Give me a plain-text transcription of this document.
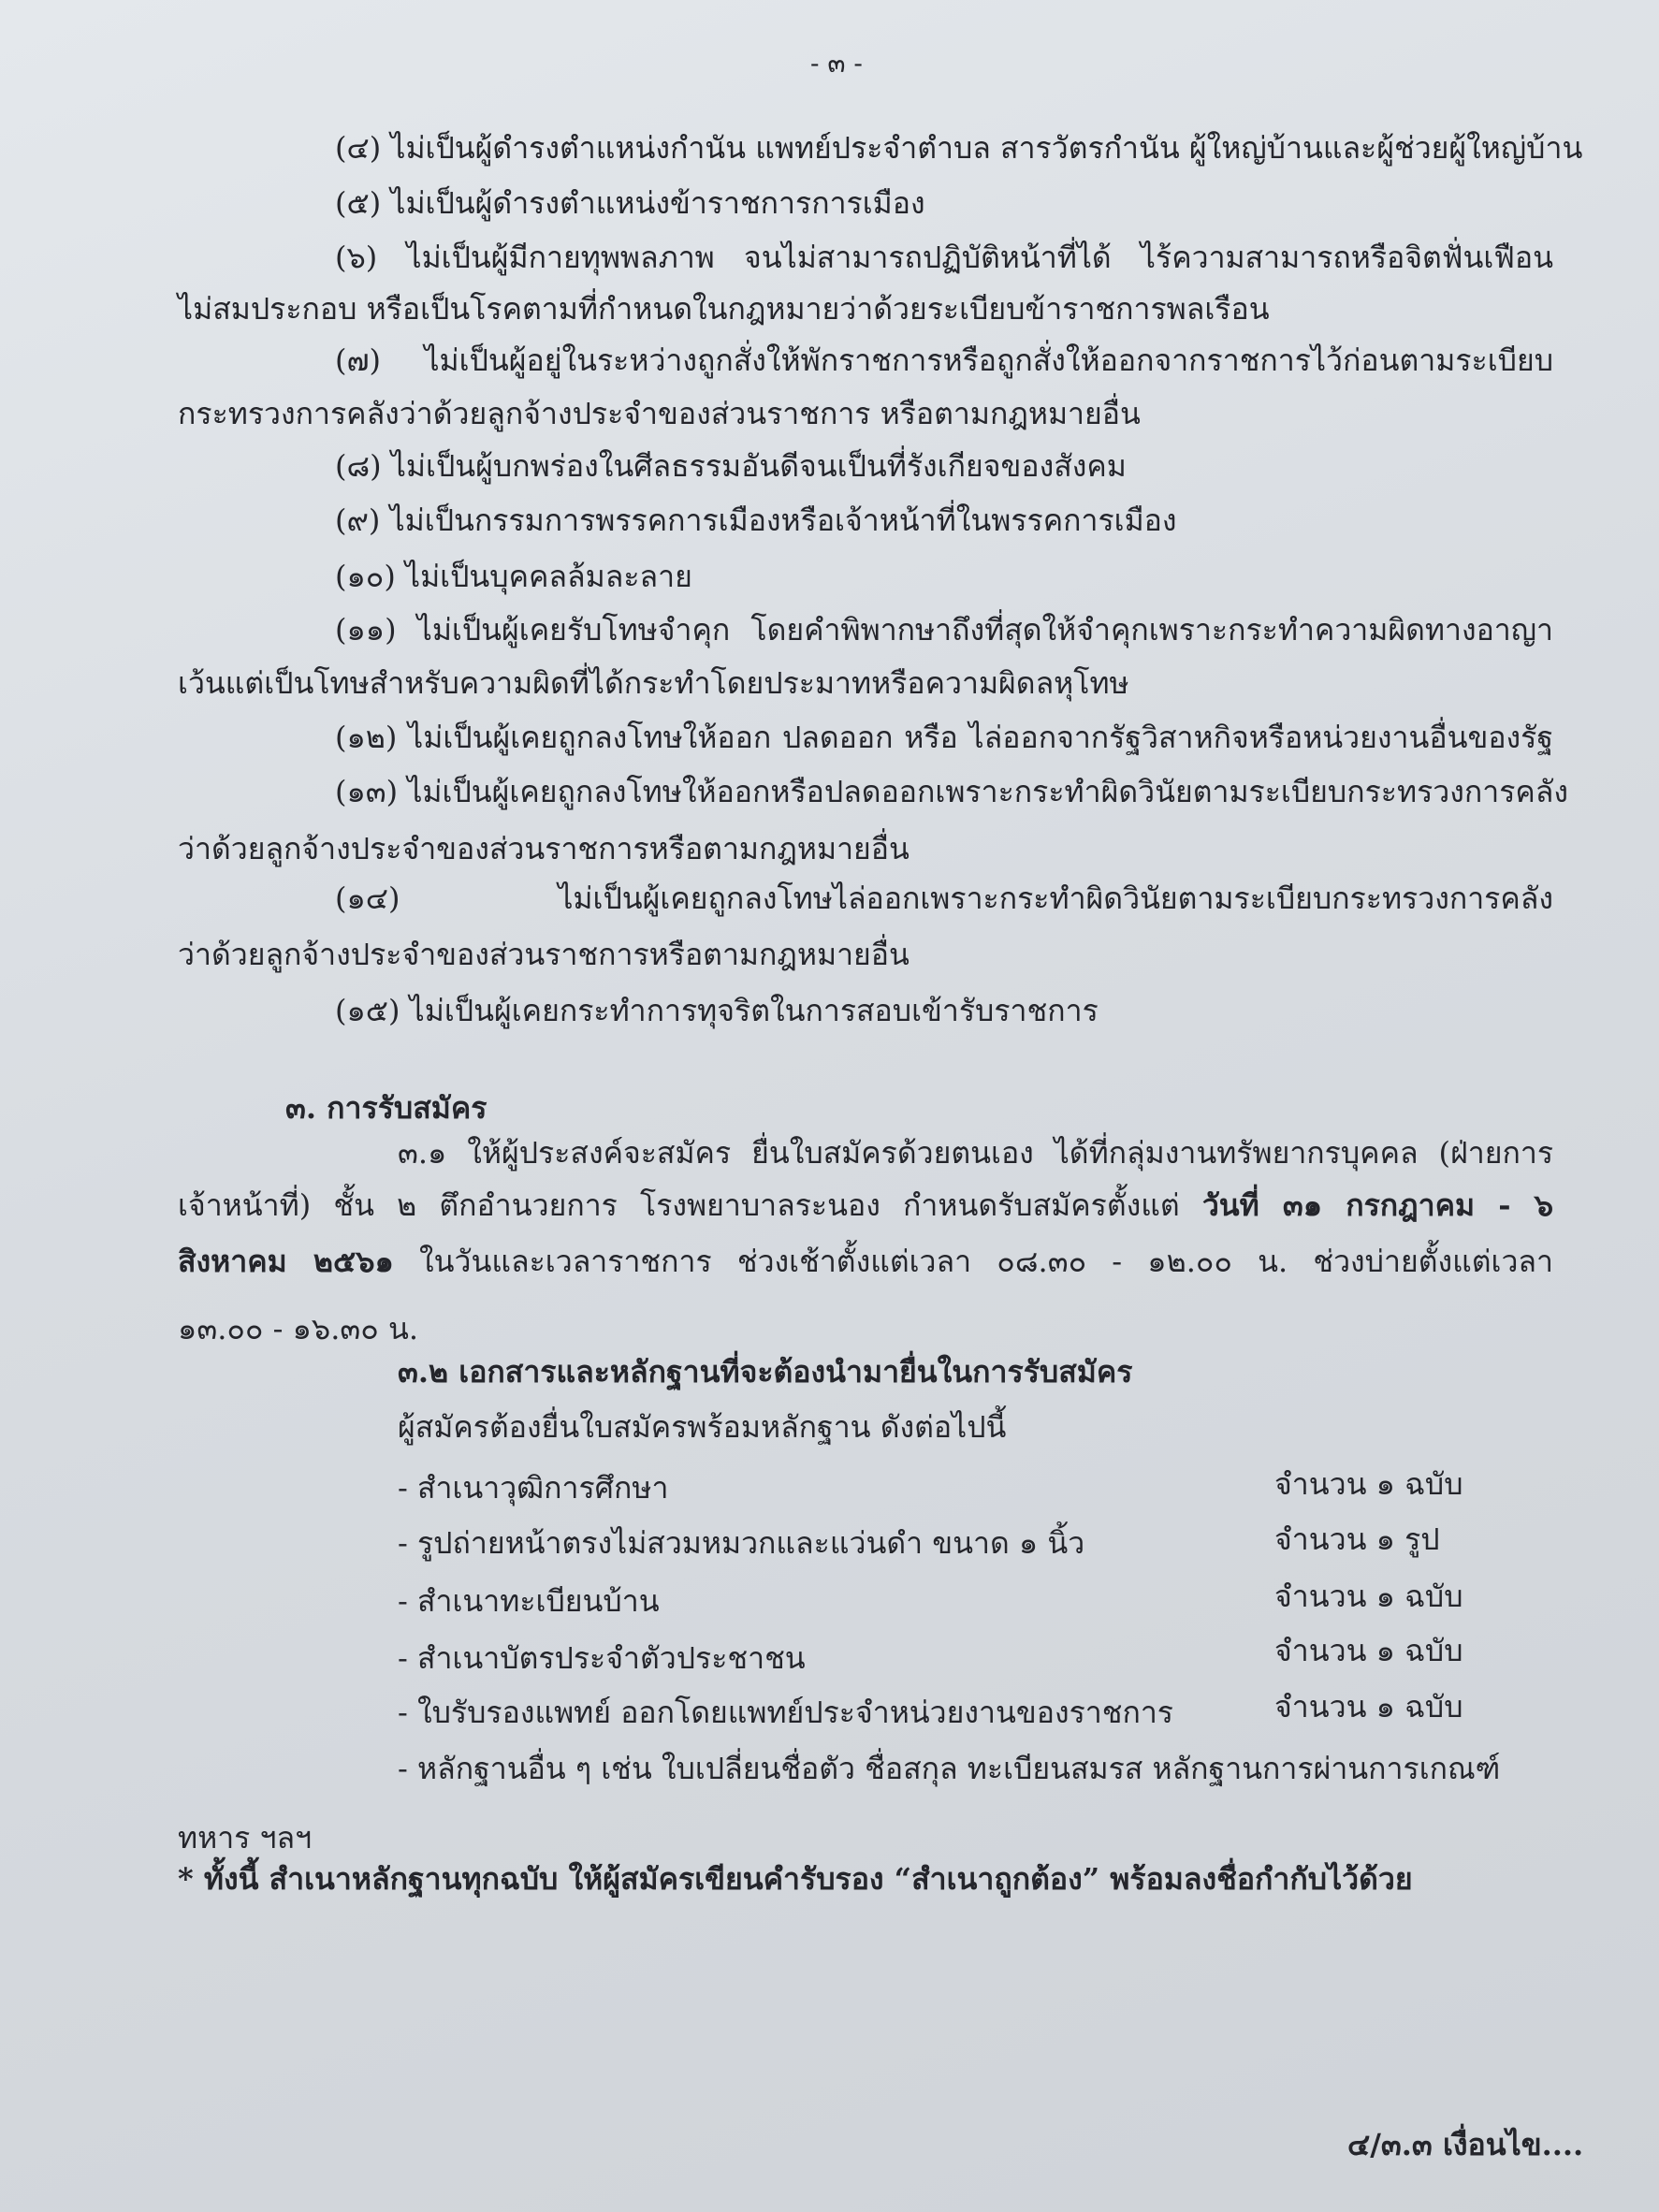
- ๓ -
(๔) ไม่เป็นผู้ดำรงตำแหน่งกำนัน แพทย์ประจำตำบล สารวัตรกำนัน ผู้ใหญ่บ้านและผู้ช่วยผู้ใหญ่บ้าน
(๕) ไม่เป็นผู้ดำรงตำแหน่งข้าราชการการเมือง
(๖) ไม่เป็นผู้มีกายทุพพลภาพ จนไม่สามารถปฏิบัติหน้าที่ได้ ไร้ความสามารถหรือจิตฟั่นเฟือน
ไม่สมประกอบ หรือเป็นโรคตามที่กำหนดในกฎหมายว่าด้วยระเบียบข้าราชการพลเรือน
(๗) ไม่เป็นผู้อยู่ในระหว่างถูกสั่งให้พักราชการหรือถูกสั่งให้ออกจากราชการไว้ก่อนตามระเบียบ
กระทรวงการคลังว่าด้วยลูกจ้างประจำของส่วนราชการ หรือตามกฎหมายอื่น
(๘) ไม่เป็นผู้บกพร่องในศีลธรรมอันดีจนเป็นที่รังเกียจของสังคม
(๙) ไม่เป็นกรรมการพรรคการเมืองหรือเจ้าหน้าที่ในพรรคการเมือง
(๑๐) ไม่เป็นบุคคลล้มละลาย
(๑๑) ไม่เป็นผู้เคยรับโทษจำคุก โดยคำพิพากษาถึงที่สุดให้จำคุกเพราะกระทำความผิดทางอาญา
เว้นแต่เป็นโทษสำหรับความผิดที่ได้กระทำโดยประมาทหรือความผิดลหุโทษ
(๑๒) ไม่เป็นผู้เคยถูกลงโทษให้ออก ปลดออก หรือ ไล่ออกจากรัฐวิสาหกิจหรือหน่วยงานอื่นของรัฐ
(๑๓) ไม่เป็นผู้เคยถูกลงโทษให้ออกหรือปลดออกเพราะกระทำผิดวินัยตามระเบียบกระทรวงการคลัง
ว่าด้วยลูกจ้างประจำของส่วนราชการหรือตามกฎหมายอื่น
(๑๔) ไม่เป็นผู้เคยถูกลงโทษไล่ออกเพราะกระทำผิดวินัยตามระเบียบกระทรวงการคลัง
ว่าด้วยลูกจ้างประจำของส่วนราชการหรือตามกฎหมายอื่น
(๑๕) ไม่เป็นผู้เคยกระทำการทุจริตในการสอบเข้ารับราชการ
๓. การรับสมัคร
๓.๑ ให้ผู้ประสงค์จะสมัคร ยื่นใบสมัครด้วยตนเอง ได้ที่กลุ่มงานทรัพยากรบุคคล (ฝ่ายการ
เจ้าหน้าที่) ชั้น ๒ ตึกอำนวยการ โรงพยาบาลระนอง กำหนดรับสมัครตั้งแต่ วันที่ ๓๑ กรกฎาคม - ๖
สิงหาคม ๒๕๖๑ ในวันและเวลาราชการ ช่วงเช้าตั้งแต่เวลา ๐๘.๓๐ - ๑๒.๐๐ น. ช่วงบ่ายตั้งแต่เวลา
๑๓.๐๐ - ๑๖.๓๐ น.
๓.๒ เอกสารและหลักฐานที่จะต้องนำมายื่นในการรับสมัคร
ผู้สมัครต้องยื่นใบสมัครพร้อมหลักฐาน ดังต่อไปนี้
- สำเนาวุฒิการศึกษา	จำนวน ๑ ฉบับ
- รูปถ่ายหน้าตรงไม่สวมหมวกและแว่นดำ ขนาด ๑ นิ้ว	จำนวน ๑ รูป
- สำเนาทะเบียนบ้าน	จำนวน ๑ ฉบับ
- สำเนาบัตรประจำตัวประชาชน	จำนวน ๑ ฉบับ
- ใบรับรองแพทย์ ออกโดยแพทย์ประจำหน่วยงานของราชการ	จำนวน ๑ ฉบับ
- หลักฐานอื่น ๆ เช่น ใบเปลี่ยนชื่อตัว ชื่อสกุล ทะเบียนสมรส หลักฐานการผ่านการเกณฑ์
ทหาร ฯลฯ
* ทั้งนี้ สำเนาหลักฐานทุกฉบับ ให้ผู้สมัครเขียนคำรับรอง “สำเนาถูกต้อง” พร้อมลงชื่อกำกับไว้ด้วย
๔/๓.๓ เงื่อนไข....
